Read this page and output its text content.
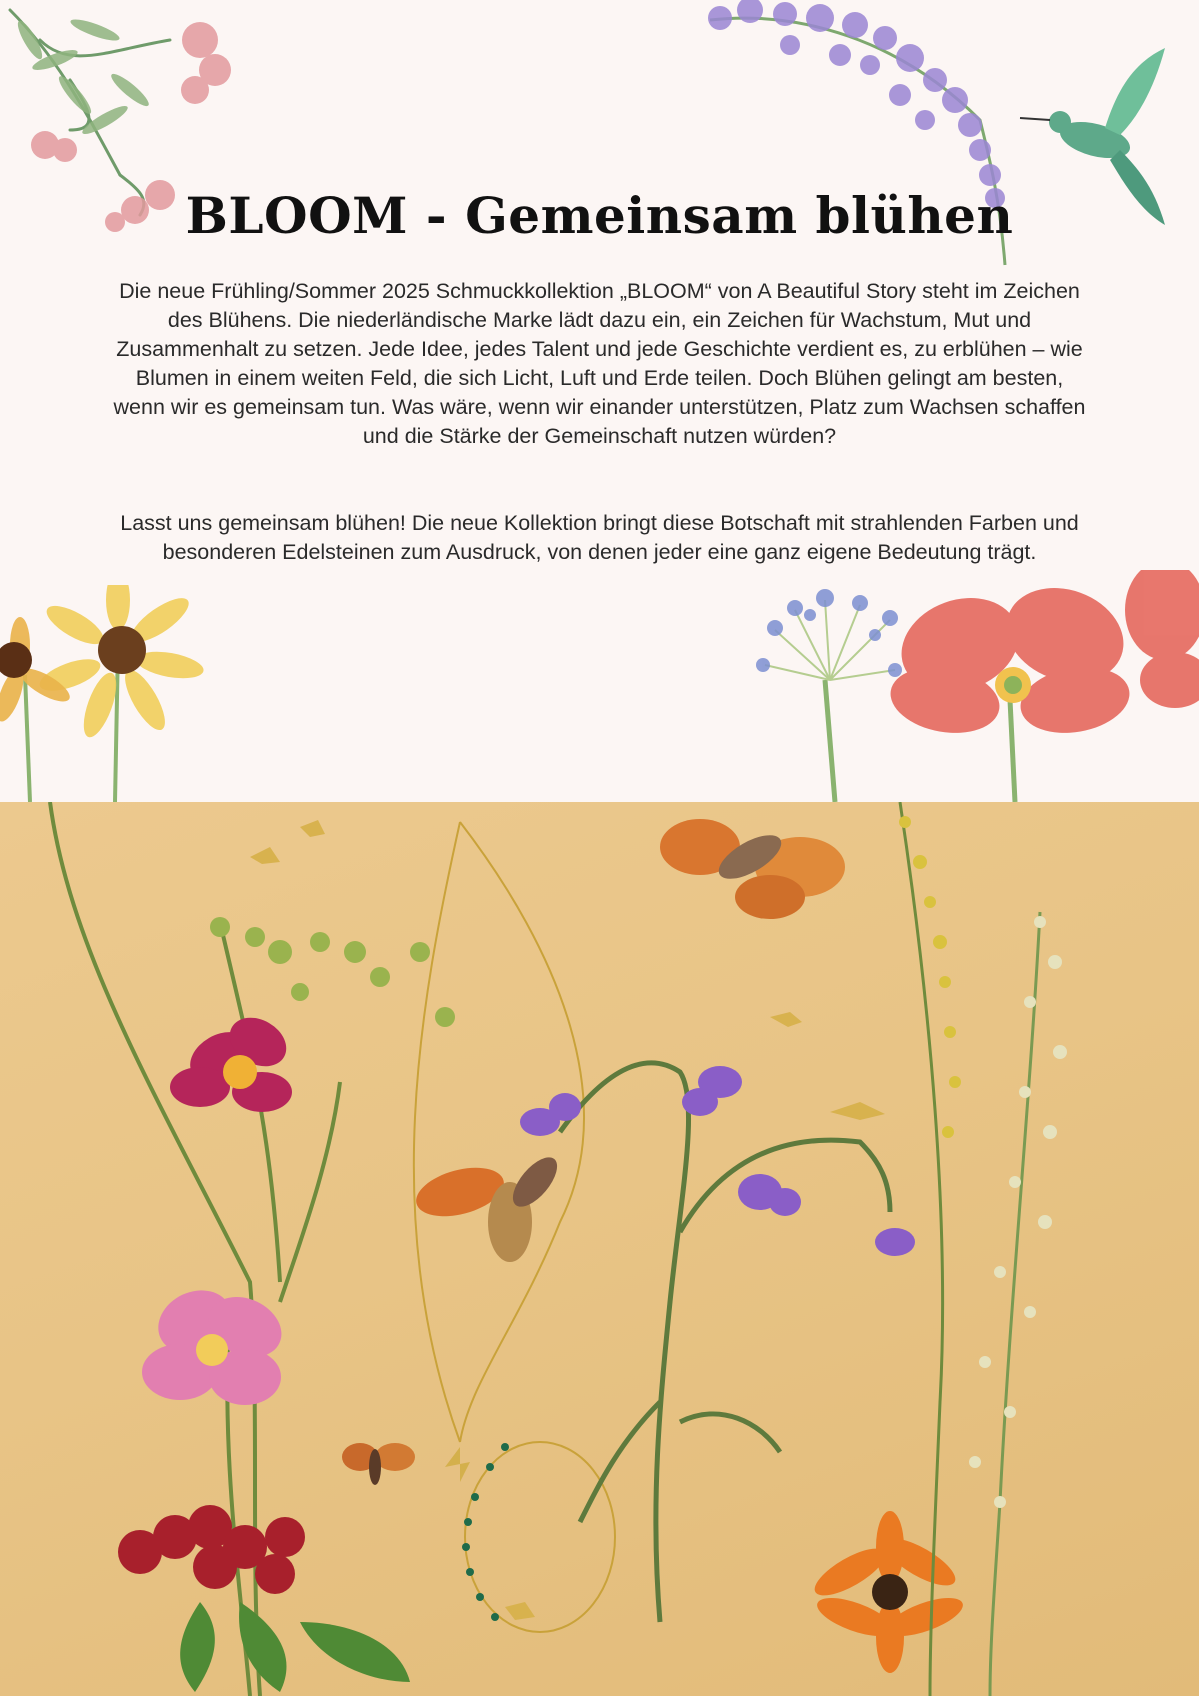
BLOOM - Gemeinsam blühen

Die neue Frühling/Sommer 2025 Schmuckkollektion „BLOOM“ von A Beautiful Story steht im Zeichen des Blühens. Die niederländische Marke lädt dazu ein, ein Zeichen für Wachstum, Mut und Zusammenhalt zu setzen. Jede Idee, jedes Talent und jede Geschichte verdient es, zu erblühen – wie Blumen in einem weiten Feld, die sich Licht, Luft und Erde teilen. Doch Blühen gelingt am besten, wenn wir es gemeinsam tun. Was wäre, wenn wir einander unterstützen, Platz zum Wachsen schaffen und die Stärke der Gemeinschaft nutzen würden?

Lasst uns gemeinsam blühen! Die neue Kollektion bringt diese Botschaft mit strahlenden Farben und besonderen Edelsteinen zum Ausdruck, von denen jeder eine ganz eigene Bedeutung trägt.
